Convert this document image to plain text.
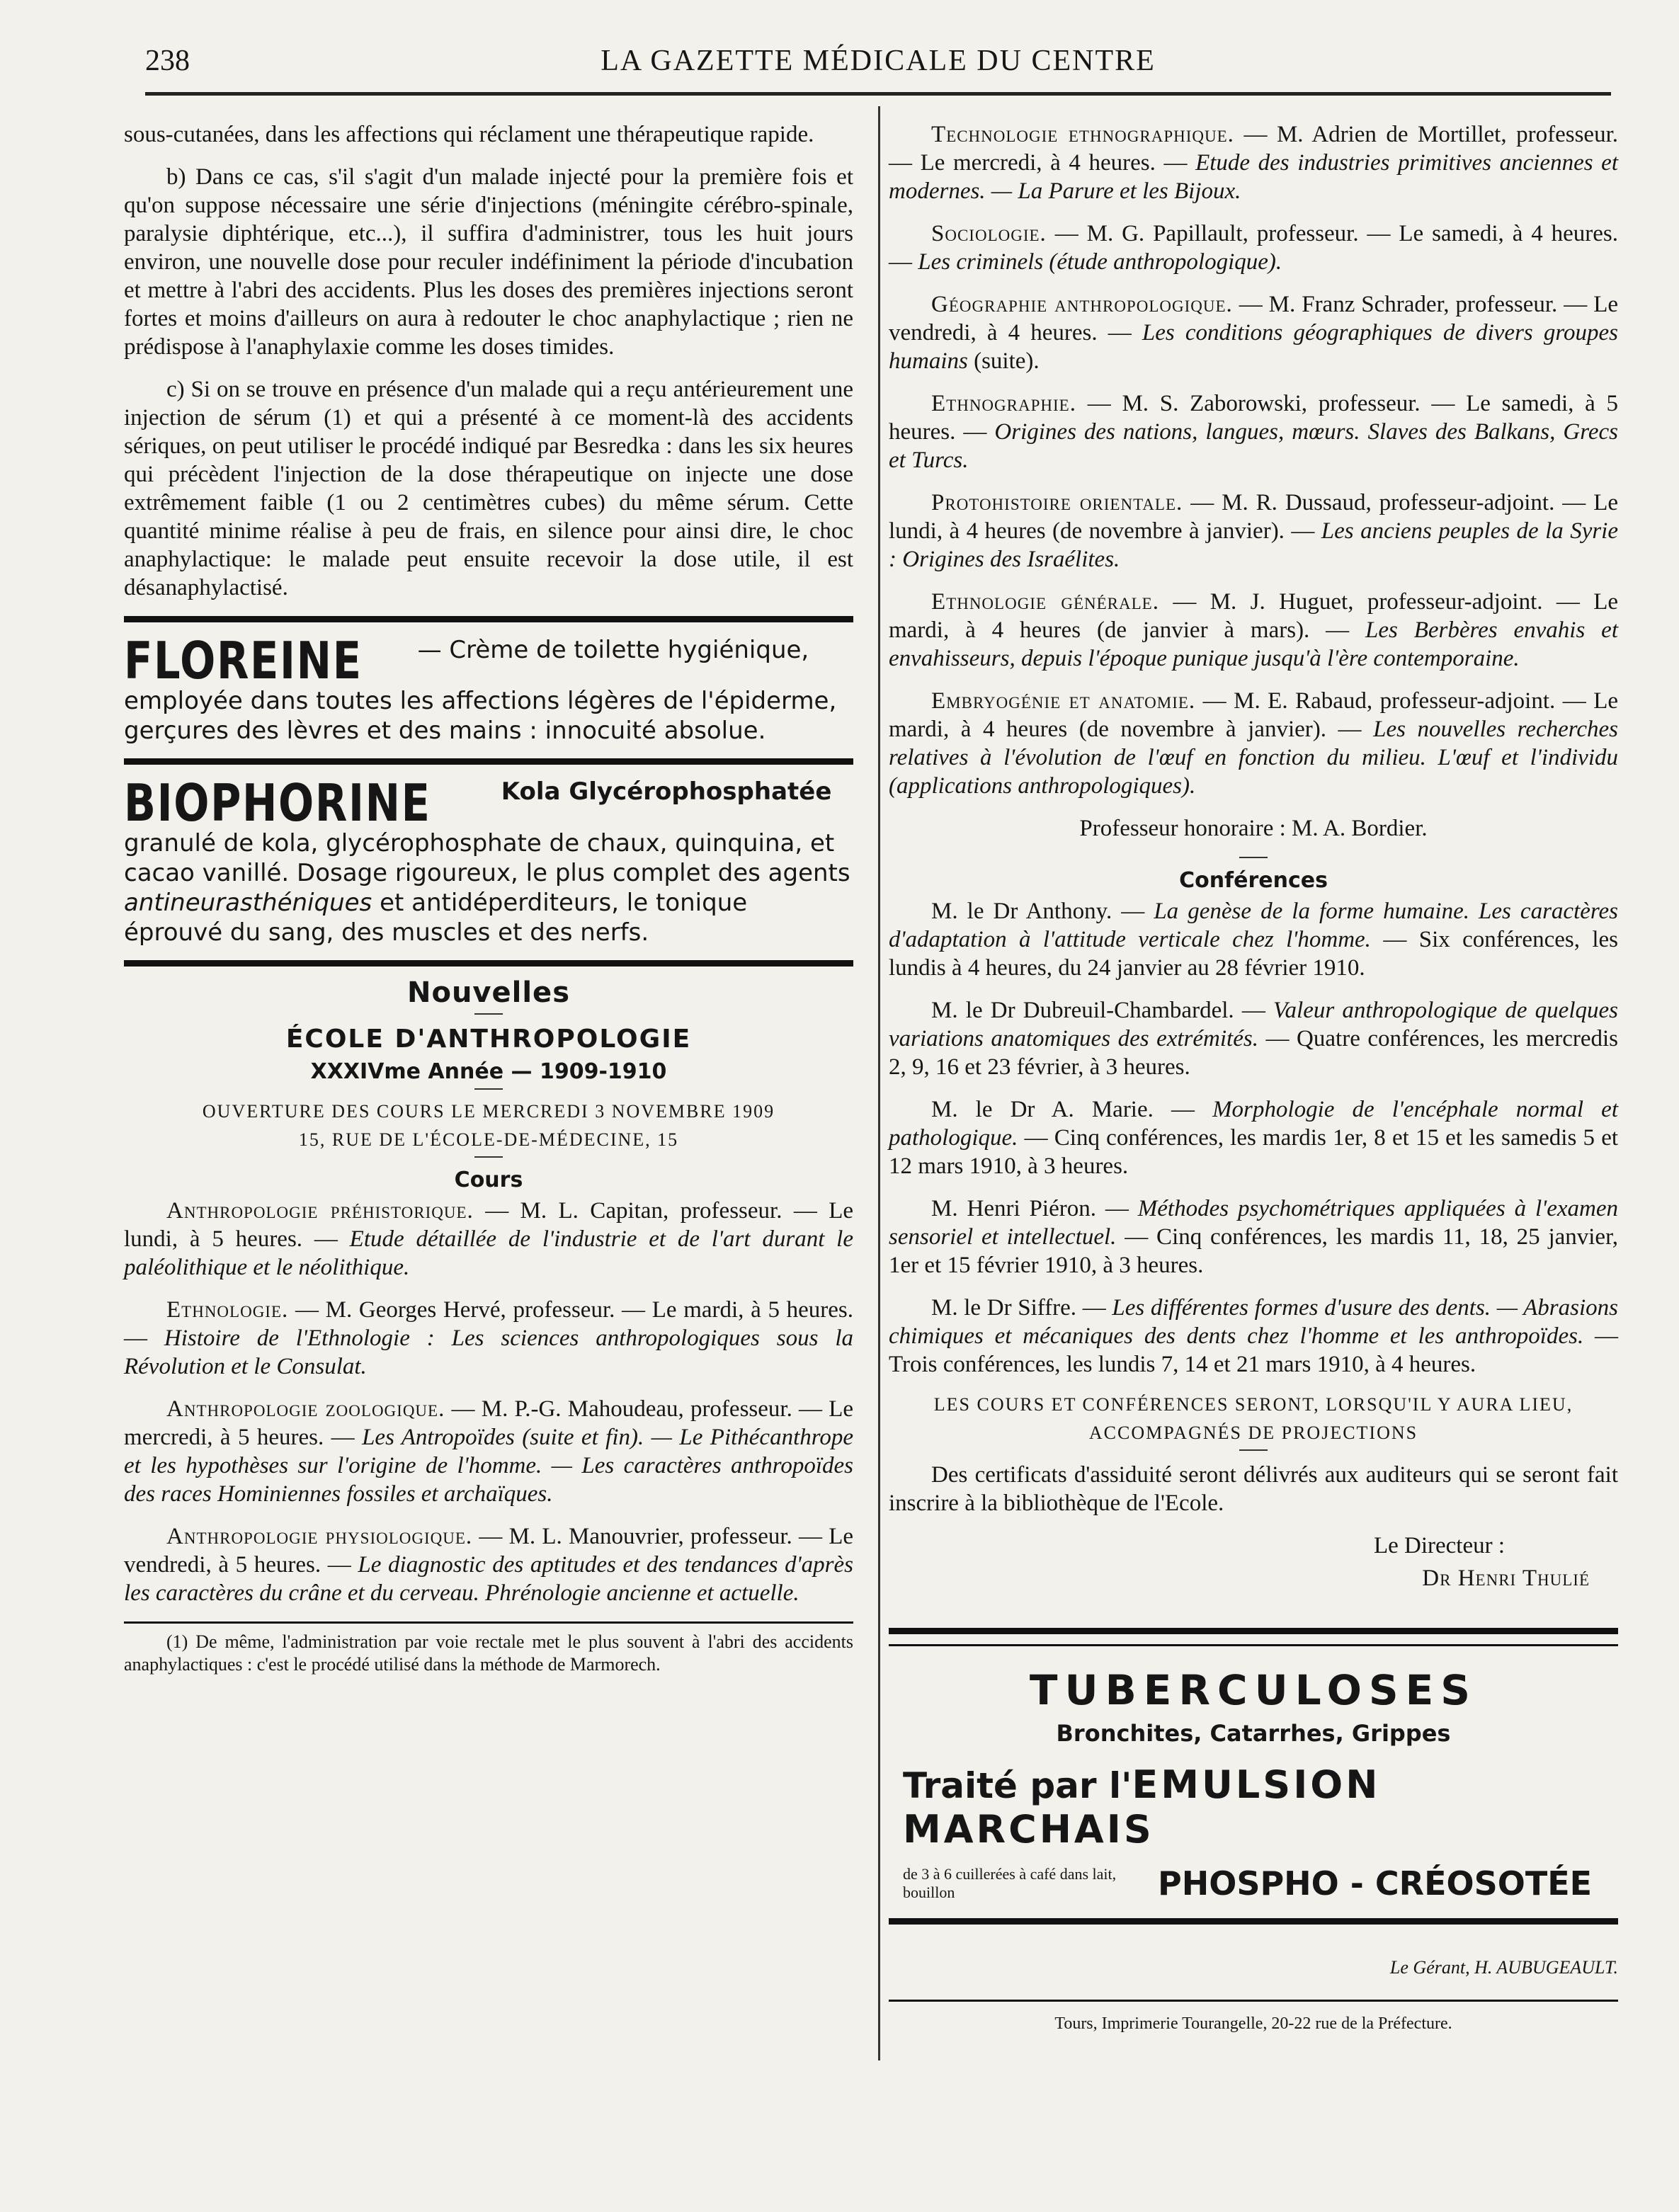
238	LA GAZETTE MÉDICALE DU CENTRE

sous-cutanées, dans les affections qui réclament une thérapeutique rapide.

b) Dans ce cas, s'il s'agit d'un malade injecté pour la première fois et qu'on suppose nécessaire une série d'injections (méningite cérébro-spinale, paralysie diphtérique, etc...), il suffira d'administrer, tous les huit jours environ, une nouvelle dose pour reculer indéfiniment la période d'incubation et mettre à l'abri des accidents. Plus les doses des premières injections seront fortes et moins d'ailleurs on aura à redouter le choc anaphylactique ; rien ne prédispose à l'anaphylaxie comme les doses timides.

c) Si on se trouve en présence d'un malade qui a reçu antérieurement une injection de sérum (1) et qui a présenté à ce moment-là des accidents sériques, on peut utiliser le procédé indiqué par Besredka : dans les six heures qui précèdent l'injection de la dose thérapeutique on injecte une dose extrêmement faible (1 ou 2 centimètres cubes) du même sérum. Cette quantité minime réalise à peu de frais, en silence pour ainsi dire, le choc anaphylactique: le malade peut ensuite recevoir la dose utile, il est désanaphylactisé.

FLOREINE — Crème de toilette hygiénique, employée dans toutes les affections légères de l'épiderme, gerçures des lèvres et des mains : innocuité absolue.
BIOPHORINE	Kola Glycérophosphatée
granulé de kola, glycérophosphate de chaux, quinquina, et cacao vanillé. Dosage rigoureux, le plus complet des agents antineurasthéniques et antidéperditeurs, le tonique éprouvé du sang, des muscles et des nerfs.
Nouvelles
ÉCOLE D'ANTHROPOLOGIE
XXXIVme Année — 1909-1910
OUVERTURE DES COURS LE MERCREDI 3 NOVEMBRE 1909
15, RUE DE L'ÉCOLE-DE-MÉDECINE, 15
Cours

Anthropologie préhistorique. — M. L. Capitan, professeur. — Le lundi, à 5 heures. — Etude détaillée de l'industrie et de l'art durant le paléolithique et le néolithique.

Ethnologie. — M. Georges Hervé, professeur. — Le mardi, à 5 heures. — Histoire de l'Ethnologie : Les sciences anthropologiques sous la Révolution et le Consulat.

Anthropologie zoologique. — M. P.-G. Mahoudeau, professeur. — Le mercredi, à 5 heures. — Les Antropoïdes (suite et fin). — Le Pithécanthrope et les hypothèses sur l'origine de l'homme. — Les caractères anthropoïdes des races Hominiennes fossiles et archaïques.

Anthropologie physiologique. — M. L. Manouvrier, professeur. — Le vendredi, à 5 heures. — Le diagnostic des aptitudes et des tendances d'après les caractères du crâne et du cerveau. Phrénologie ancienne et actuelle.

(1) De même, l'administration par voie rectale met le plus souvent à l'abri des accidents anaphylactiques : c'est le procédé utilisé dans la méthode de Marmorech.

Technologie ethnographique. — M. Adrien de Mortillet, professeur. — Le mercredi, à 4 heures. — Etude des industries primitives anciennes et modernes. — La Parure et les Bijoux.

Sociologie. — M. G. Papillault, professeur. — Le samedi, à 4 heures. — Les criminels (étude anthropologique).

Géographie anthropologique. — M. Franz Schrader, professeur. — Le vendredi, à 4 heures. — Les conditions géographiques de divers groupes humains (suite).

Ethnographie. — M. S. Zaborowski, professeur. — Le samedi, à 5 heures. — Origines des nations, langues, mœurs. Slaves des Balkans, Grecs et Turcs.

Protohistoire orientale. — M. R. Dussaud, professeur-adjoint. — Le lundi, à 4 heures (de novembre à janvier). — Les anciens peuples de la Syrie : Origines des Israélites.

Ethnologie générale. — M. J. Huguet, professeur-adjoint. — Le mardi, à 4 heures (de janvier à mars). — Les Berbères envahis et envahisseurs, depuis l'époque punique jusqu'à l'ère contemporaine.

Embryogénie et anatomie. — M. E. Rabaud, professeur-adjoint. — Le mardi, à 4 heures (de novembre à janvier). — Les nouvelles recherches relatives à l'évolution de l'œuf en fonction du milieu. L'œuf et l'individu (applications anthropologiques).

Professeur honoraire : M. A. Bordier.

Conférences

M. le Dr Anthony. — La genèse de la forme humaine. Les caractères d'adaptation à l'attitude verticale chez l'homme. — Six conférences, les lundis à 4 heures, du 24 janvier au 28 février 1910.

M. le Dr Dubreuil-Chambardel. — Valeur anthropologique de quelques variations anatomiques des extrémités. — Quatre conférences, les mercredis 2, 9, 16 et 23 février, à 3 heures.

M. le Dr A. Marie. — Morphologie de l'encéphale normal et pathologique. — Cinq conférences, les mardis 1er, 8 et 15 et les samedis 5 et 12 mars 1910, à 3 heures.

M. Henri Piéron. — Méthodes psychométriques appliquées à l'examen sensoriel et intellectuel. — Cinq conférences, les mardis 11, 18, 25 janvier, 1er et 15 février 1910, à 3 heures.

M. le Dr Siffre. — Les différentes formes d'usure des dents. — Abrasions chimiques et mécaniques des dents chez l'homme et les anthropoïdes. — Trois conférences, les lundis 7, 14 et 21 mars 1910, à 4 heures.

LES COURS ET CONFÉRENCES SERONT, LORSQU'IL Y AURA LIEU,
ACCOMPAGNÉS DE PROJECTIONS

Des certificats d'assiduité seront délivrés aux auditeurs qui se seront fait inscrire à la bibliothèque de l'Ecole.

Le Directeur :

Dr Henri Thulié

TUBERCULOSES
Bronchites, Catarrhes, Grippes
Traité par l'EMULSION MARCHAIS
de 3 à 6 cuillerées à café dans lait, bouillon	PHOSPHO - CRÉOSOTÉE
Le Gérant, H. AUBUGEAULT.
Tours, Imprimerie Tourangelle, 20-22 rue de la Préfecture.
